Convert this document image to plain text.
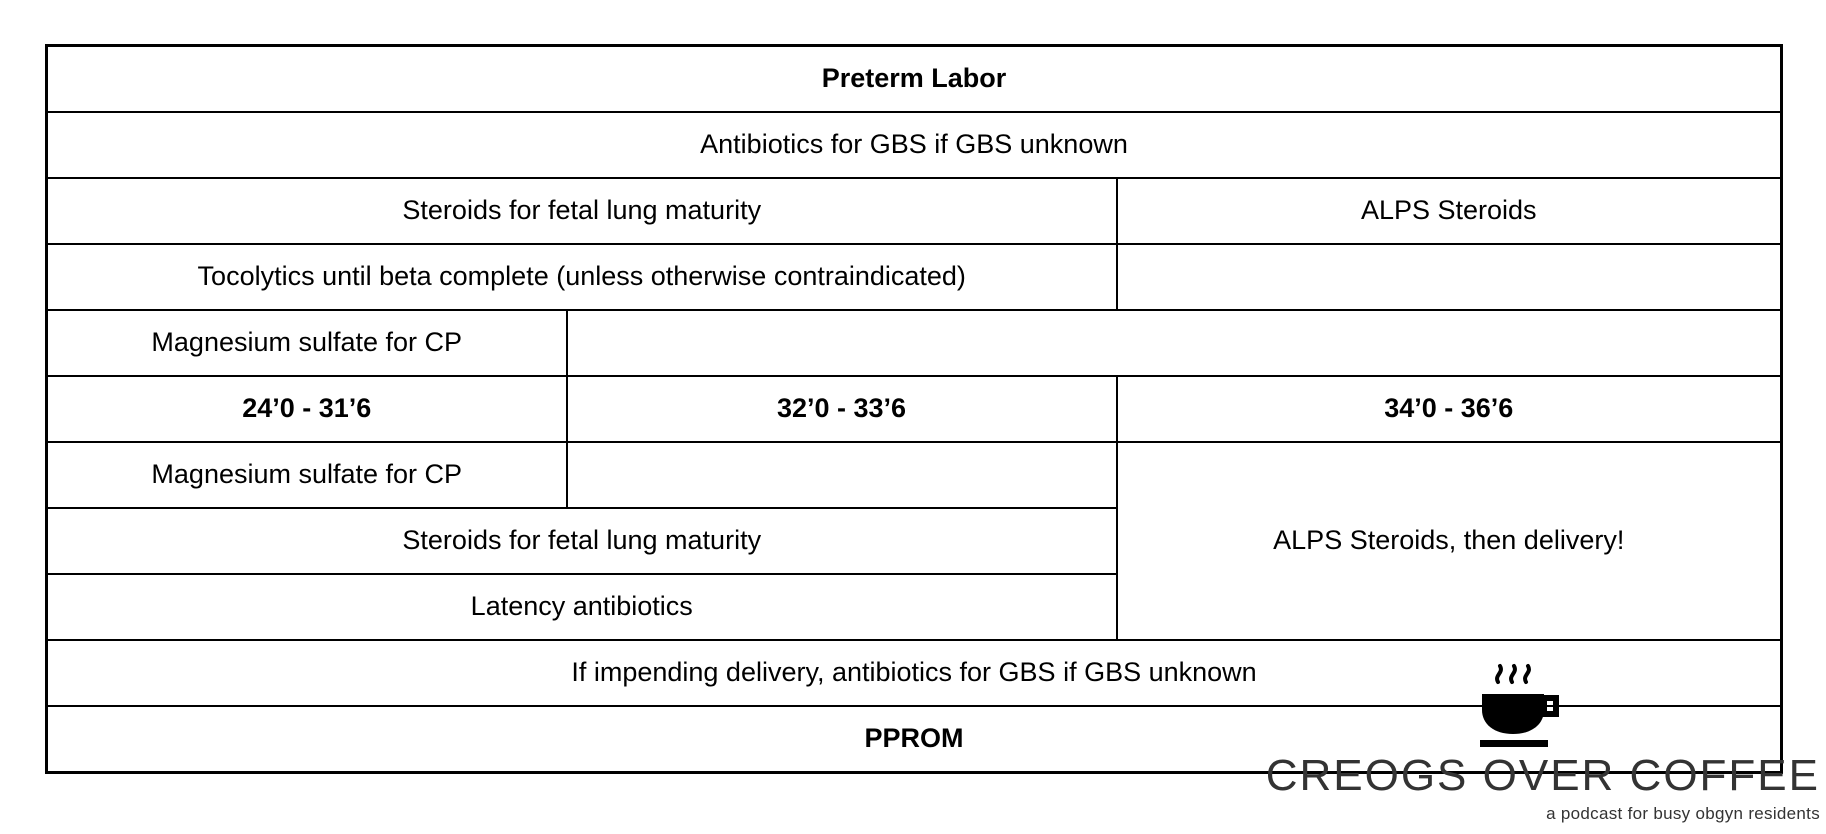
Preterm Labor		
Antibiotics for GBS if GBS unknown		
Steroids for fetal lung maturity		ALPS Steroids
Tocolytics until beta complete (unless otherwise contraindicated)		
Magnesium sulfate for CP		
24’0 - 31’6	32’0 - 33’6	34’0 - 36’6
Magnesium sulfate for CP		ALPS Steroids, then delivery!
Steroids for fetal lung maturity		
Latency antibiotics		
If impending delivery, antibiotics for GBS if GBS unknown		
PPROM		
CREOGS OVER COFFEE
a podcast for busy obgyn residents
